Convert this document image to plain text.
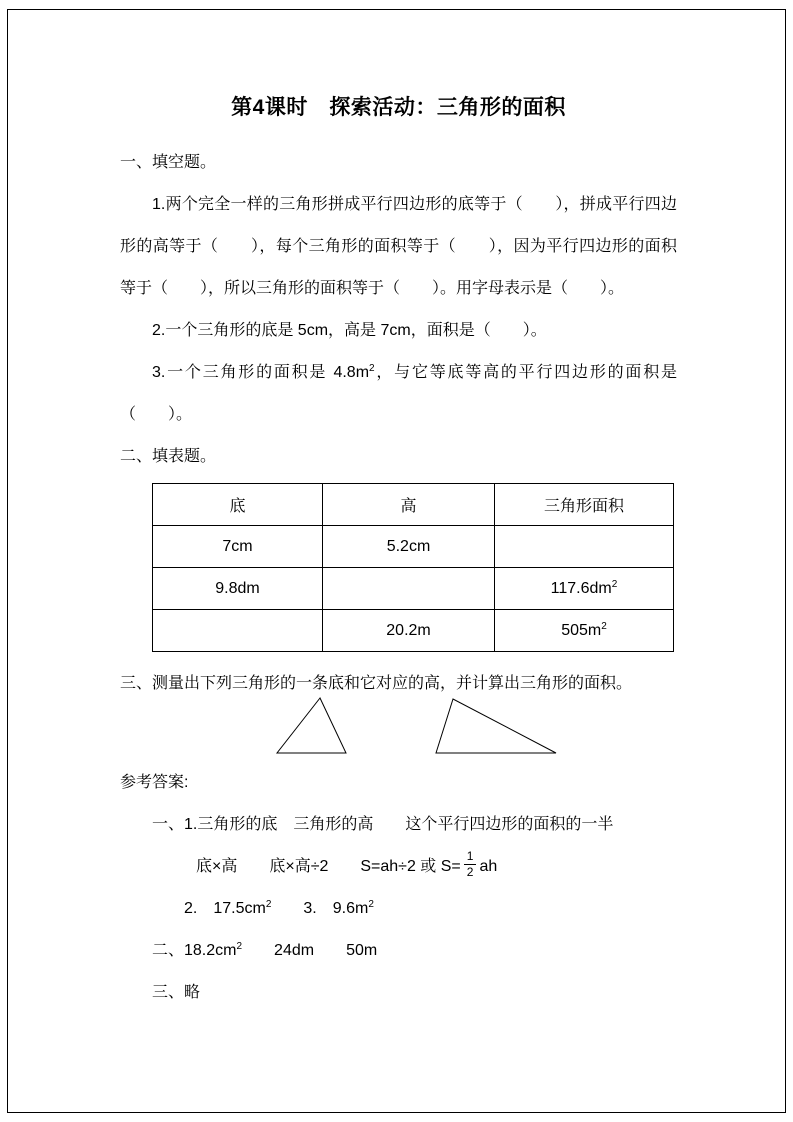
第4课时　探索活动：三角形的面积
一、填空题。

1.两个完全一样的三角形拼成平行四边形的底等于（　　），拼成平行四边形的高等于（　　），每个三角形的面积等于（　　），因为平行四边形的面积等于（　　），所以三角形的面积等于（　　）。用字母表示是（　　）。

2.一个三角形的底是 5cm，高是 7cm，面积是（　　）。

3.一个三角形的面积是 $4.8m^2$，与它等底等高的平行四边形的面积是（　　）。

二、填表题。
底	高	三角形面积
7cm	5.2cm	
9.8dm		$117.6dm^2$
	20.2m	$505m^2$
三、测量出下列三角形的一条底和它对应的高，并计算出三角形的面积。
参考答案:
一、1.三角形的底　三角形的高　　这个平行四边形的面积的一半
底×高　　底×高÷2　　S=ah÷2 或 $S= \frac{1}{2}$ ah
2.　$17.5cm^2$　　3.　$9.6m^2$
二、$18.2cm^2$　　24dm　　50m
三、略
